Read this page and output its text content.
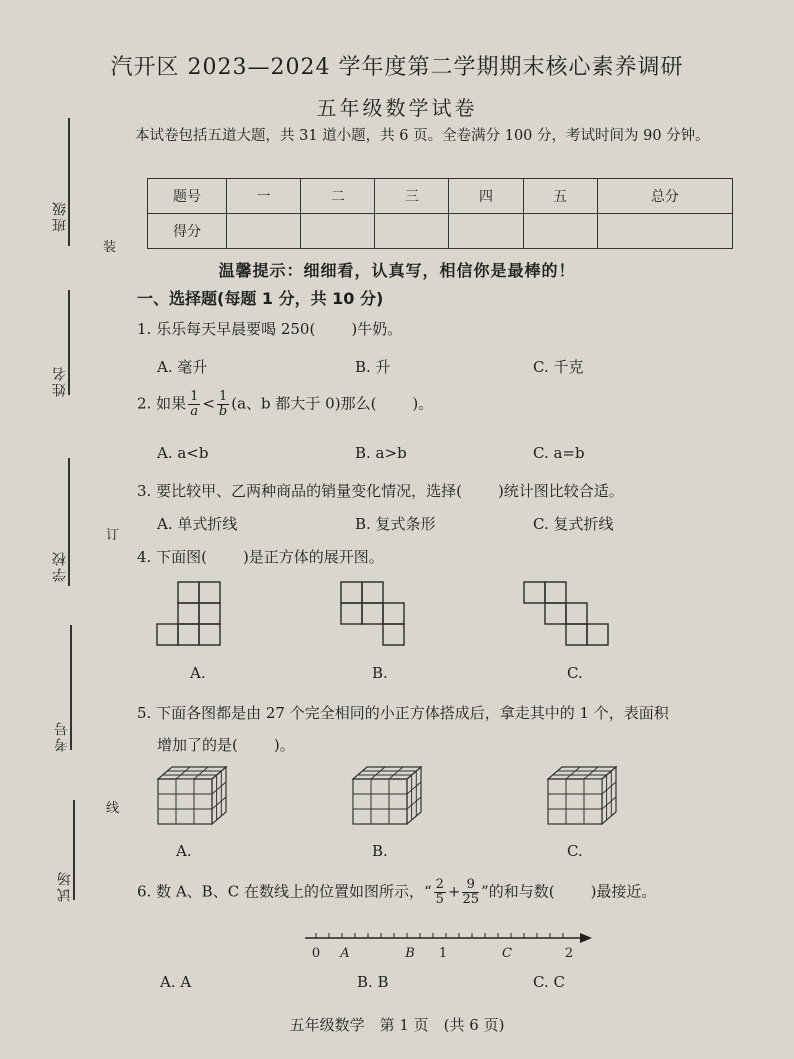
汽开区 2023—2024 学年度第二学期期末核心素养调研
五年级数学试卷
本试卷包括五道大题，共 31 道小题，共 6 页。全卷满分 100 分，考试时间为 90 分钟。
题号	一	二	三	四	五	总分
得分						
温馨提示：细细看，认真写，相信你是最棒的！
班级
姓名
学校
考号
试场
装
订
线
一、选择题(每题 1 分，共 10 分)
1. 乐乐每天早晨要喝 250( )牛奶。
A. 毫升	B. 升	C. 千克
2. 如果 $\frac{1}{a} < \frac{1}{b} (a$、b 都大于 0)那么( )。
A. a<b	B. a>b	C. a=b
3. 要比较甲、乙两种商品的销量变化情况，选择( )统计图比较合适。
A. 单式折线	B. 复式条形	C. 复式折线
4. 下面图( )是正方体的展开图。
A.	B.	C.
5. 下面各图都是由 27 个完全相同的小正方体搭成后，拿走其中的 1 个，表面积
增加了的是( )。
A.	B.	C.
6. 数 A、B、C 在数线上的位置如图所示，“ $\frac{2}{5} + \frac{9}{25}$ ”的和与数( )最接近。
0 A	B 1	C	2
A. A	B. B	C. C
五年级数学　第 1 页　(共 6 页)
